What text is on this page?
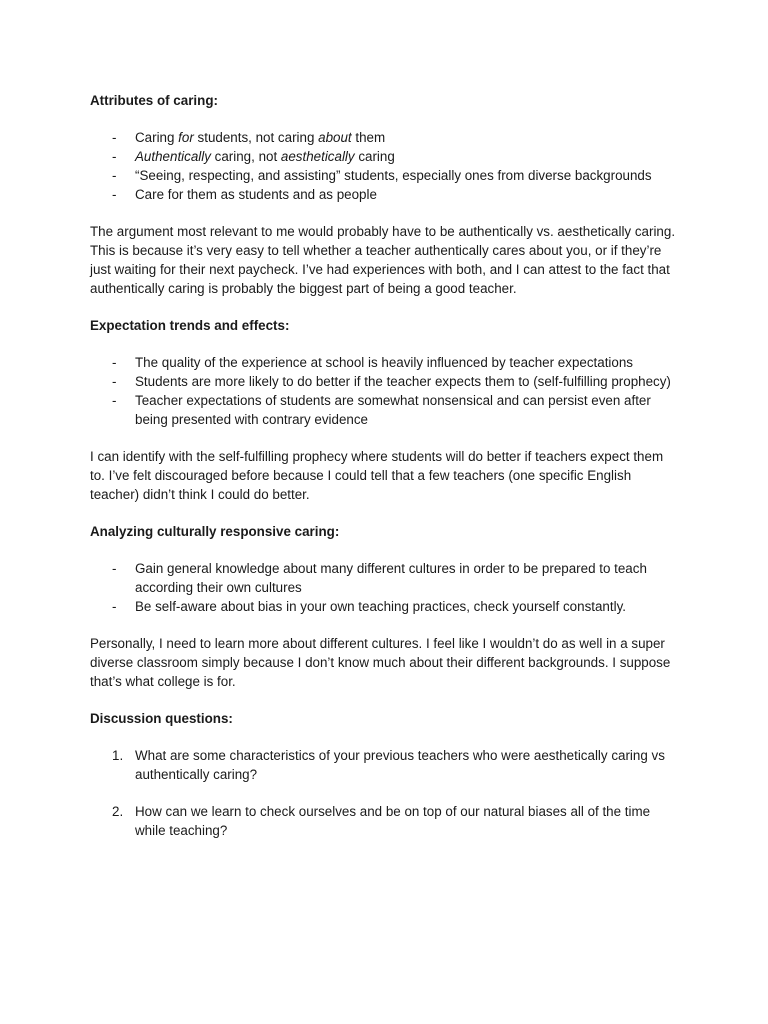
Attributes of caring:

- Caring for students, not caring about them
- Authentically caring, not aesthetically caring
- “Seeing, respecting, and assisting” students, especially ones from diverse backgrounds
- Care for them as students and as people

The argument most relevant to me would probably have to be authentically vs. aesthetically caring. This is because it’s very easy to tell whether a teacher authentically cares about you, or if they’re just waiting for their next paycheck. I’ve had experiences with both, and I can attest to the fact that authentically caring is probably the biggest part of being a good teacher.

Expectation trends and effects:

- The quality of the experience at school is heavily influenced by teacher expectations
- Students are more likely to do better if the teacher expects them to (self-fulfilling prophecy)
- Teacher expectations of students are somewhat nonsensical and can persist even after being presented with contrary evidence

I can identify with the self-fulfilling prophecy where students will do better if teachers expect them to. I’ve felt discouraged before because I could tell that a few teachers (one specific English teacher) didn’t think I could do better.

Analyzing culturally responsive caring:

- Gain general knowledge about many different cultures in order to be prepared to teach according their own cultures
- Be self-aware about bias in your own teaching practices, check yourself constantly.

Personally, I need to learn more about different cultures. I feel like I wouldn’t do as well in a super diverse classroom simply because I don’t know much about their different backgrounds. I suppose that’s what college is for.

Discussion questions:

1. What are some characteristics of your previous teachers who were aesthetically caring vs authentically caring?
2. How can we learn to check ourselves and be on top of our natural biases all of the time while teaching?
